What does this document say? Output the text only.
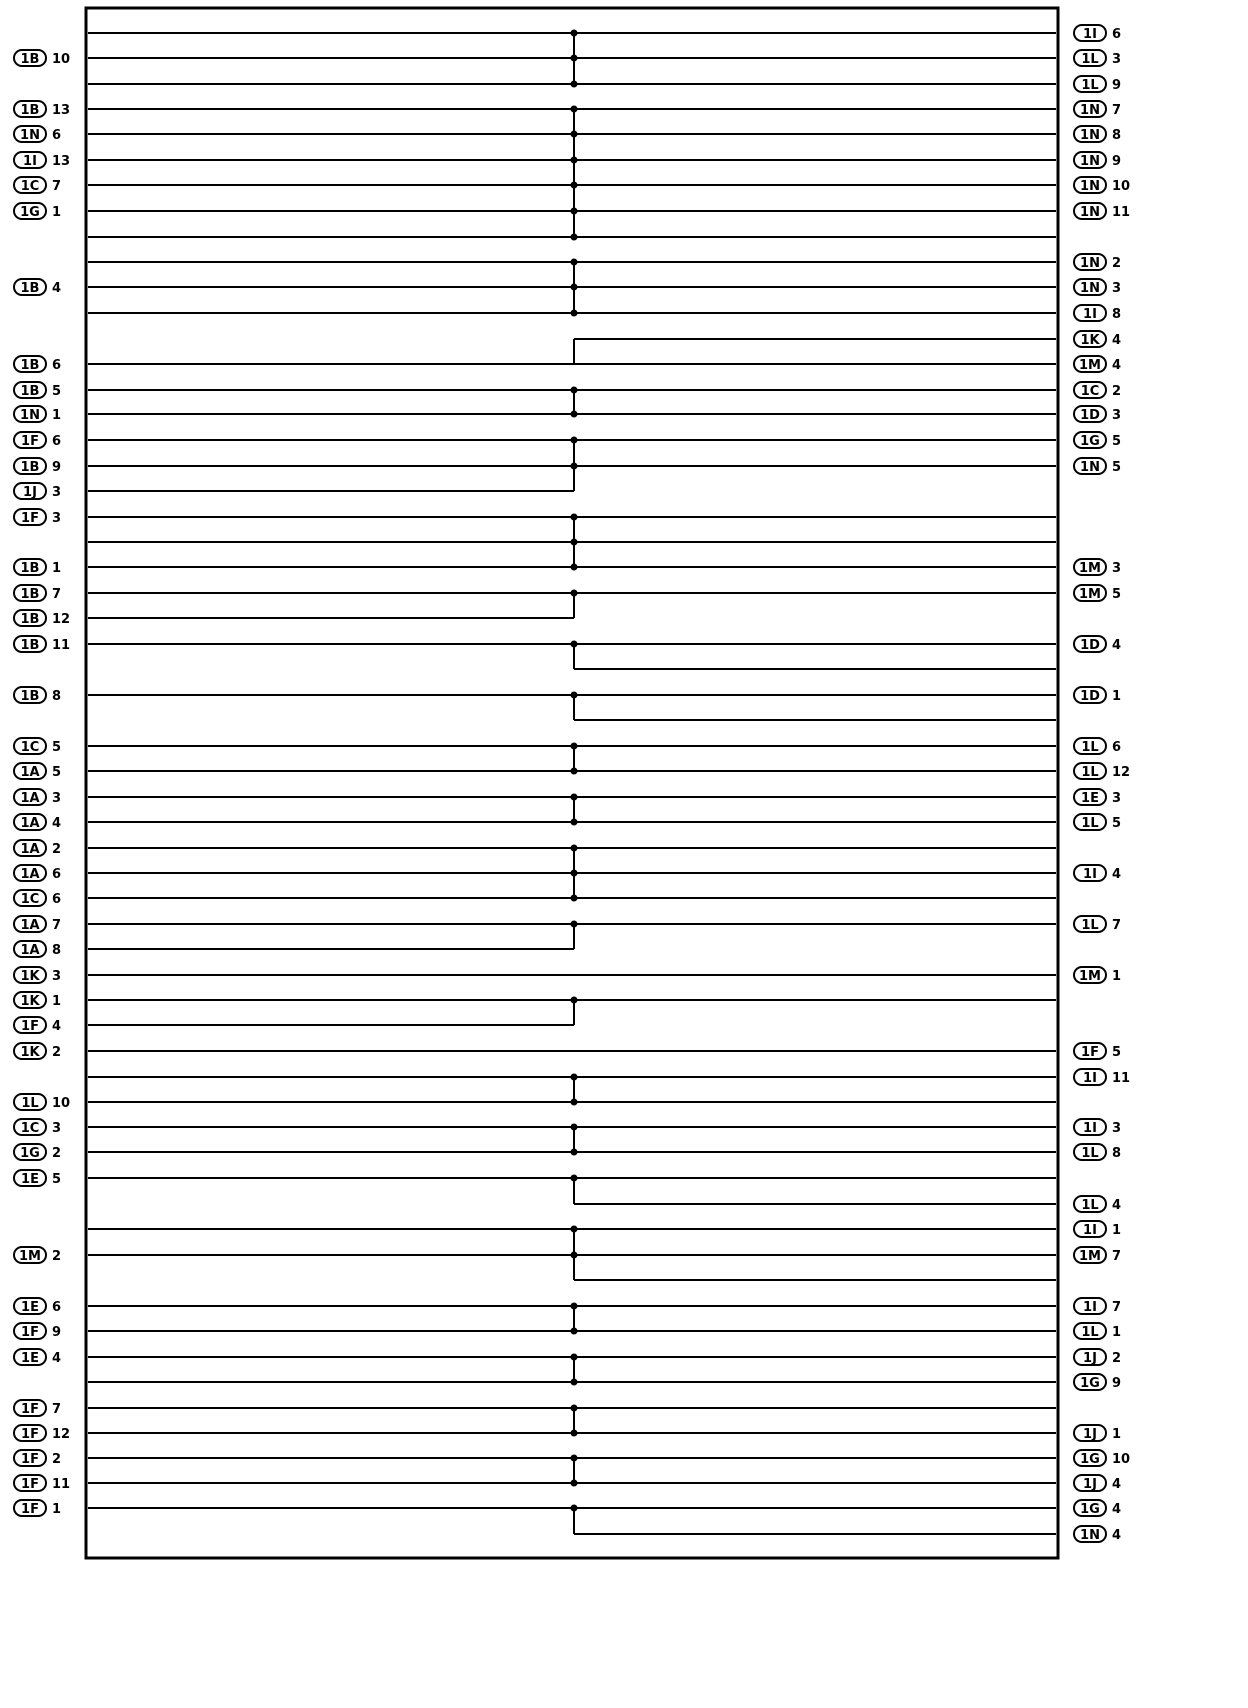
1B 10
1B 13
1N 6
1I 13
1C 7
1G 1
1B 4
1B 6
1B 5
1N 1
1F 6
1B 9
1J 3
1F 3
1B 1
1B 7
1B 12
1B 11
1B 8
1C 5
1A 5
1A 3
1A 4
1A 2
1A 6
1C 6
1A 7
1A 8
1K 3
1K 1
1F 4
1K 2
1L 10
1C 3
1G 2
1E 5
1M 2
1E 6
1F 9
1E 4
1F 7
1F 12
1F 2
1F 11
1F 1
1I 6
1L 3
1L 9
1N 7
1N 8
1N 9
1N 10
1N 11
1N 2
1N 3
1I 8
1K 4
1M 4
1C 2
1D 3
1G 5
1N 5
1M 3
1M 5
1D 4
1D 1
1L 6
1L 12
1E 3
1L 5
1I 4
1L 7
1M 1
1F 5
1I 11
1I 3
1L 8
1L 4
1I 1
1M 7
1I 7
1L 1
1J 2
1G 9
1J 1
1G 10
1J 4
1G 4
1N 4
